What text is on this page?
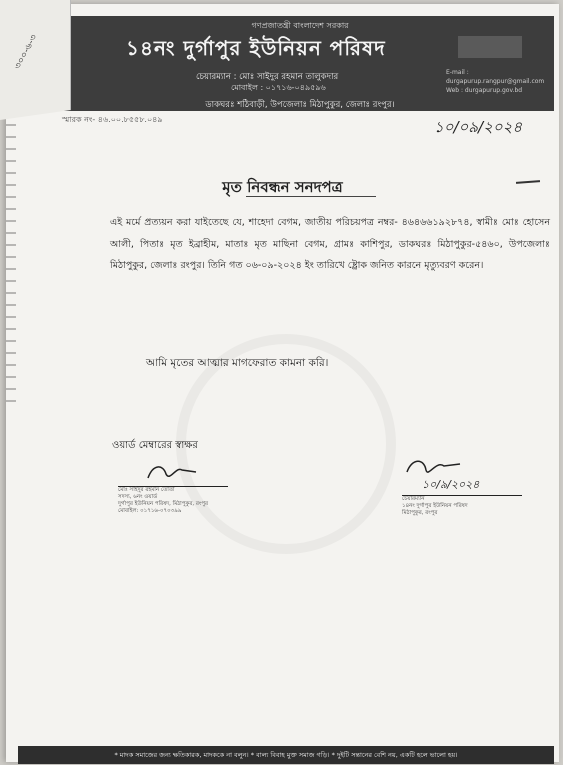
গণপ্রজাতন্ত্রী বাংলাদেশ সরকার
১৪নং দুর্গাপুর ইউনিয়ন পরিষদ
চেয়ারম্যান : মোঃ সাইদুর রহমান তালুকদার
মোবাইল : ০১৭১৬-০৪৯৫৯৬
E-mail : durgapurup.rangpur@gmail.com
Web : durgapurup.gov.bd
ডাকঘরঃ শঠিবাড়ী, উপজেলাঃ মিঠাপুকুর, জেলাঃ রংপুর।
স্মারক নং- ৪৬.০০.৮৫৫৮.০৪৯	১০/০৯/২০২৪
মৃত নিবন্ধন সনদপত্র
এই মর্মে প্রত্যয়ন করা যাইতেছে যে, শাহেদা বেগম, জাতীয় পরিচয়পত্র নম্বর- ৪৬৪৬৬১৯২৮৭৪, স্বামীঃ মোঃ হোসেন আলী, পিতাঃ মৃত ইব্রাহীম, মাতাঃ মৃত মাছিনা বেগম, গ্রামঃ কাশিপুর, ডাকঘরঃ মিঠাপুকুর-৫৪৬০, উপজেলাঃ মিঠাপুকুর, জেলাঃ রংপুর। তিনি গত ০৬-০৯-২০২৪ ইং তারিখে ষ্ট্রোক জনিত কারনে মৃত্যুবরণ করেন।
আমি মৃতের আত্মার মাগফেরাত কামনা করি।
ওয়ার্ড মেম্বারের স্বাক্ষর
মোঃ সাইদুর রহমান তোতা
সদস্য, ৬নং ওয়ার্ড
দুর্গাপুর ইউনিয়ন পরিষদ, মিঠাপুকুর, রংপুর
মোবাইল: ০১৭১৬-০৭০৩৯৯
১০/৯/২০২৪
চেয়ারম্যান
১৪নং দুর্গাপুর ইউনিয়ন পরিষদ
মিঠাপুকুর, রংপুর
* মাদক সমাজের জন্য ক্ষতিকারক, মাদককে না বলুন। * বাল্য বিবাহ মুক্ত সমাজ গড়ি। * দুইটি সন্তানের বেশি নয়, একটি হলে ভালো হয়।
৩০০-৬-৩
